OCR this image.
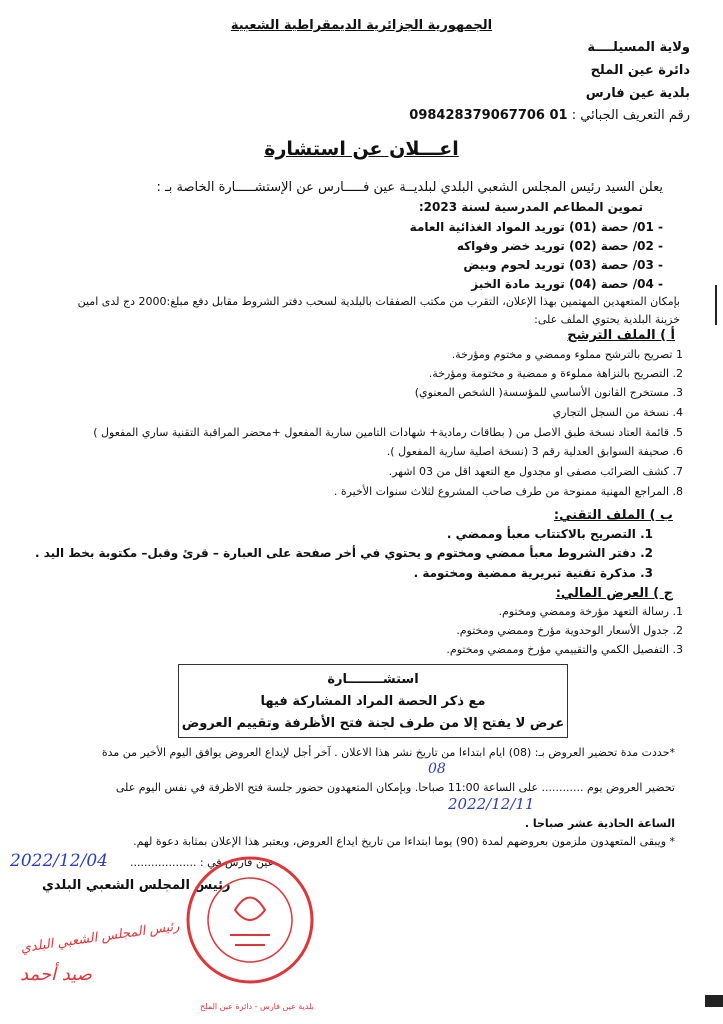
الجمهورية الجزائرية الديمقراطية الشعبية
ولاية المسيلــــة
دائرة عين الملح
بلدية عين فارس
رقم التعريف الجبائي : 098428379067706 01
اعـــلان عن استشارة
يعلن السيد رئيس المجلس الشعبي البلدي لبلديــة عين فـــــارس عن الإستشـــــارة الخاصة بـ :
تموين المطاعم المدرسية لسنة 2023:
- 01/ حصة (01) توريد المواد الغذائية العامة
- 02/ حصة (02) توريد خضر وفواكه
- 03/ حصة (03) توريد لحوم وبيض
- 04/ حصة (04) توريد مادة الخبز
بإمكان المتعهدين المهتمين بهذا الإعلان، التقرب من مكتب الصفقات بالبلدية لسحب دفتر الشروط مقابل دفع مبلغ:2000 دج لدى امين
خزينة البلدية يحتوي الملف على:
أ ) الملف الترشح
1 تصريح بالترشح مملوء وممضي و مختوم ومؤرخة.
2. التصريح بالنزاهة مملوءة و ممضية و مختومة ومؤرخة.
3. مستخرج القانون الأساسي للمؤسسة( الشخص المعنوي)
4. نسخة من السجل التجاري
5. قائمة العتاد نسخة طبق الاصل من ( بطاقات رمادية+ شهادات التامين سارية المفعول +محضر المراقبة التقنية ساري المفعول )
6. صحيفة السوابق العدلية رقم 3 (نسخة اصلية سارية المفعول ).
7. كشف الضرائب مصفى او مجدول مع التعهد اقل من 03 اشهر.
8. المراجع المهنية ممنوحة من طرف صاحب المشروع لثلاث سنوات الأخيرة .
ب ) الملف التقني:
1. التصريح بالاكتتاب معبأ وممضي .
2. دفتر الشروط معبأ ممضي ومختوم و يحتوي في أخر صفحة على العبارة – قرئ وقبل– مكتوبة بخط اليد .
3. مذكرة تقنية تبريرية ممضية ومختومة .
ج ) العرض المالي:
1. رسالة التعهد مؤرخة وممضي ومختوم.
2. جدول الأسعار الوحدوية مؤرخ وممضي ومختوم.
3. التفصيل الكمي والتقييمي مؤرخ وممضي ومختوم.
استشــــــــارة
مع ذكر الحصة المراد المشاركة فيها
عرض لا يفتح إلا من طرف لجنة فتح الأظرفة وتقييم العروض
*حددت مدة تحضير العروض بـ: (08) ايام ابتداءا من تاريخ نشر هذا الاعلان . آخر أجل لإيداع العروض يوافق اليوم الأخير من مدة
08
تحضير العروض يوم ............ على الساعة 11:00 صباحا. وبإمكان المتعهدون حضور جلسة فتح الاظرفة في نفس اليوم على
2022/12/11
الساعة الحادية عشر صباحا .
* ويبقى المتعهدون ملزمون بعروضهم لمدة (90) يوما ابتداءا من تاريخ ايداع العروض، ويعتبر هذا الإعلان بمثابة دعوة لهم.
2022/12/04 عين فارس في : ...................
رئيس المجلس الشعبي البلدي
بلدية عين فارس - دائرة عين الملح
رئيس المجلس الشعبي البلدي
صيد أحمد
